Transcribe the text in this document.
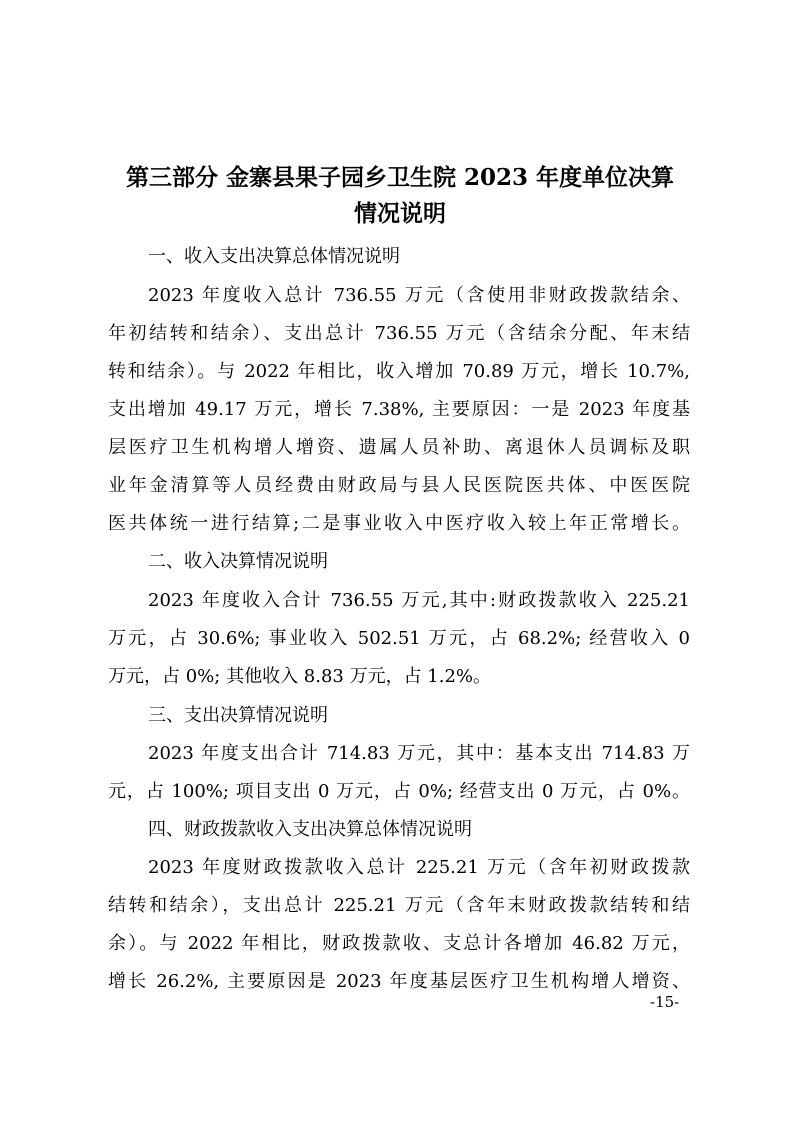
第三部分 金寨县果子园乡卫生院 2023 年度单位决算
情况说明
一、收入支出决算总体情况说明
2023 年度收入总计 736.55 万元（含使用非财政拨款结余、
年初结转和结余）、支出总计 736.55 万元（含结余分配、年末结
转和结余）。与 2022 年相比，收入增加 70.89 万元，增长 10.7%,
支出增加 49.17 万元，增长 7.38%, 主要原因：一是 2023 年度基
层医疗卫生机构增人增资、遗属人员补助、离退休人员调标及职
业年金清算等人员经费由财政局与县人民医院医共体、中医医院
医共体统一进行结算;二是事业收入中医疗收入较上年正常增长。
二、收入决算情况说明
2023 年度收入合计 736.55 万元,其中:财政拨款收入 225.21
万元，占 30.6%; 事业收入 502.51 万元，占 68.2%; 经营收入 0
万元，占 0%; 其他收入 8.83 万元，占 1.2%。
三、支出决算情况说明
2023 年度支出合计 714.83 万元，其中：基本支出 714.83 万
元，占 100%; 项目支出 0 万元，占 0%; 经营支出 0 万元，占 0%。
四、财政拨款收入支出决算总体情况说明
2023 年度财政拨款收入总计 225.21 万元（含年初财政拨款
结转和结余），支出总计 225.21 万元（含年末财政拨款结转和结
余）。与 2022 年相比，财政拨款收、支总计各增加 46.82 万元，
增长 26.2%, 主要原因是 2023 年度基层医疗卫生机构增人增资、
-15-
